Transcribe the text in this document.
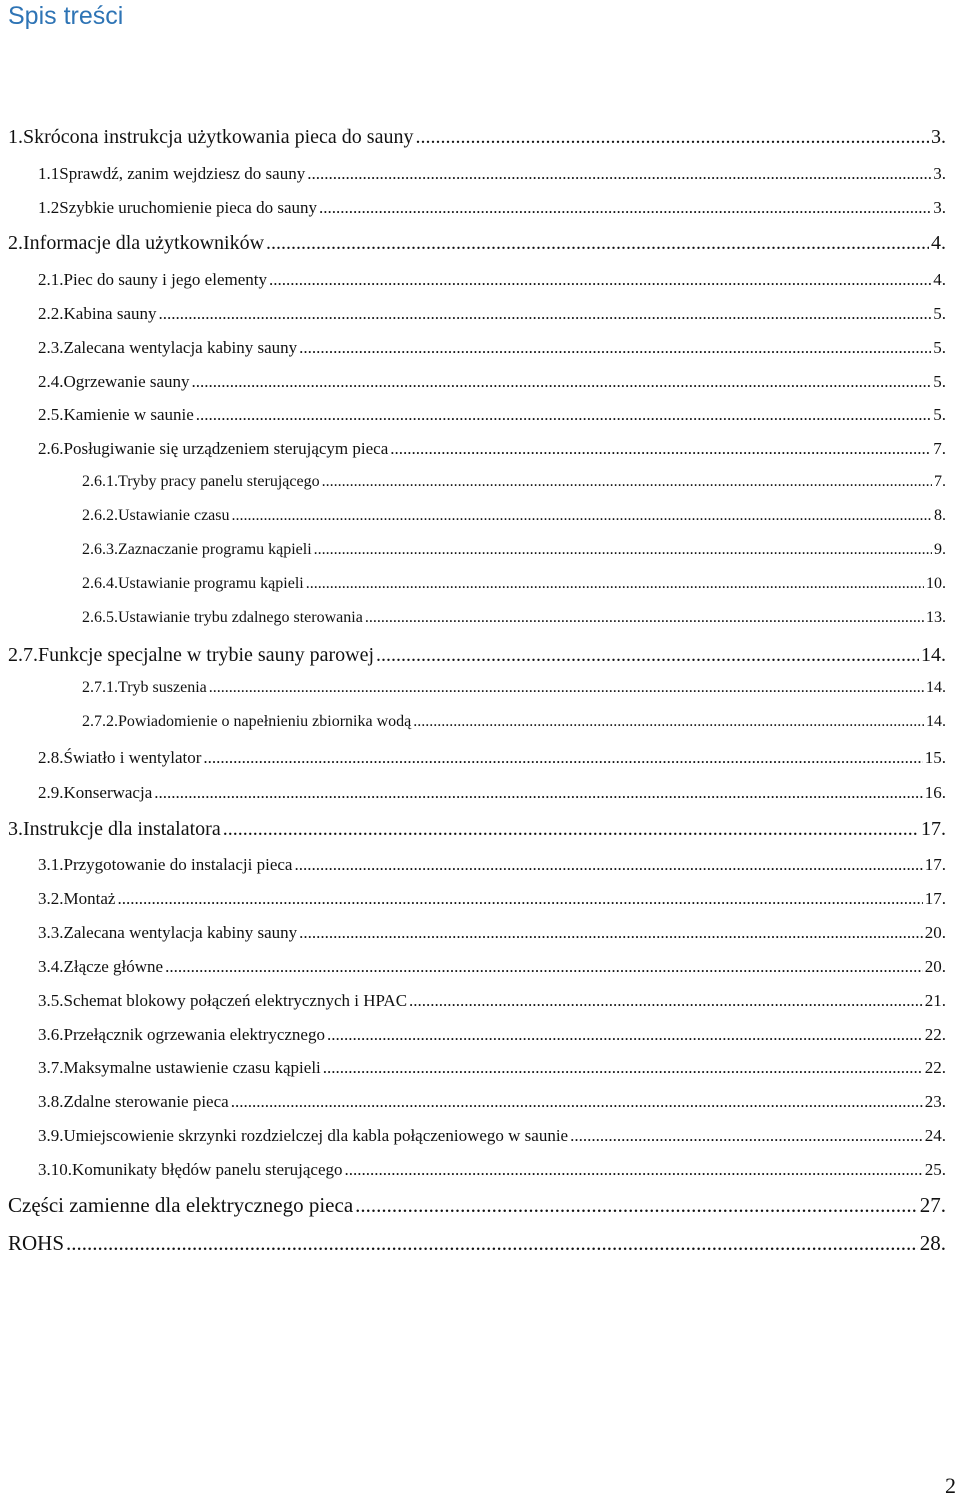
Spis treści
1. Skrócona instrukcja użytkowania pieca do sauny .....	3.
1.1 Sprawdź, zanim wejdziesz do sauny .....	3.
1.2 Szybkie uruchomienie pieca do sauny .....	3.
2. Informacje dla użytkowników .....	4.
2.1. Piec do sauny i jego elementy .....	4.
2.2. Kabina sauny .....	5.
2.3. Zalecana wentylacja kabiny sauny .....	5.
2.4. Ogrzewanie sauny .....	5.
2.5. Kamienie w saunie .....	5.
2.6. Posługiwanie się urządzeniem sterującym pieca .....	7.
2.6.1. Tryby pracy panelu sterującego .....	7.
2.6.2. Ustawianie czasu .....	8.
2.6.3. Zaznaczanie programu kąpieli .....	9.
2.6.4. Ustawianie programu kąpieli .....	10.
2.6.5. Ustawianie trybu zdalnego sterowania .....	13.
2.7. Funkcje specjalne w trybie sauny parowej .....	14.
2.7.1. Tryb suszenia .....	14.
2.7.2. Powiadomienie o napełnieniu zbiornika wodą .....	14.
2.8. Światło i wentylator .....	15.
2.9. Konserwacja .....	16.
3. Instrukcje dla instalatora .....	17.
3.1. Przygotowanie do instalacji pieca .....	17.
3.2. Montaż .....	17.
3.3. Zalecana wentylacja kabiny sauny .....	20.
3.4. Złącze główne .....	20.
3.5. Schemat blokowy połączeń elektrycznych i HPAC .....	21.
3.6. Przełącznik ogrzewania elektrycznego .....	22.
3.7. Maksymalne ustawienie czasu kąpieli .....	22.
3.8. Zdalne sterowanie pieca .....	23.
3.9. Umiejscowienie skrzynki rozdzielczej dla kabla połączeniowego w saunie .....	24.
3.10. Komunikaty błędów panelu sterującego .....	25.
Części zamienne dla elektrycznego pieca .....	27.
ROHS .....	28.
2
